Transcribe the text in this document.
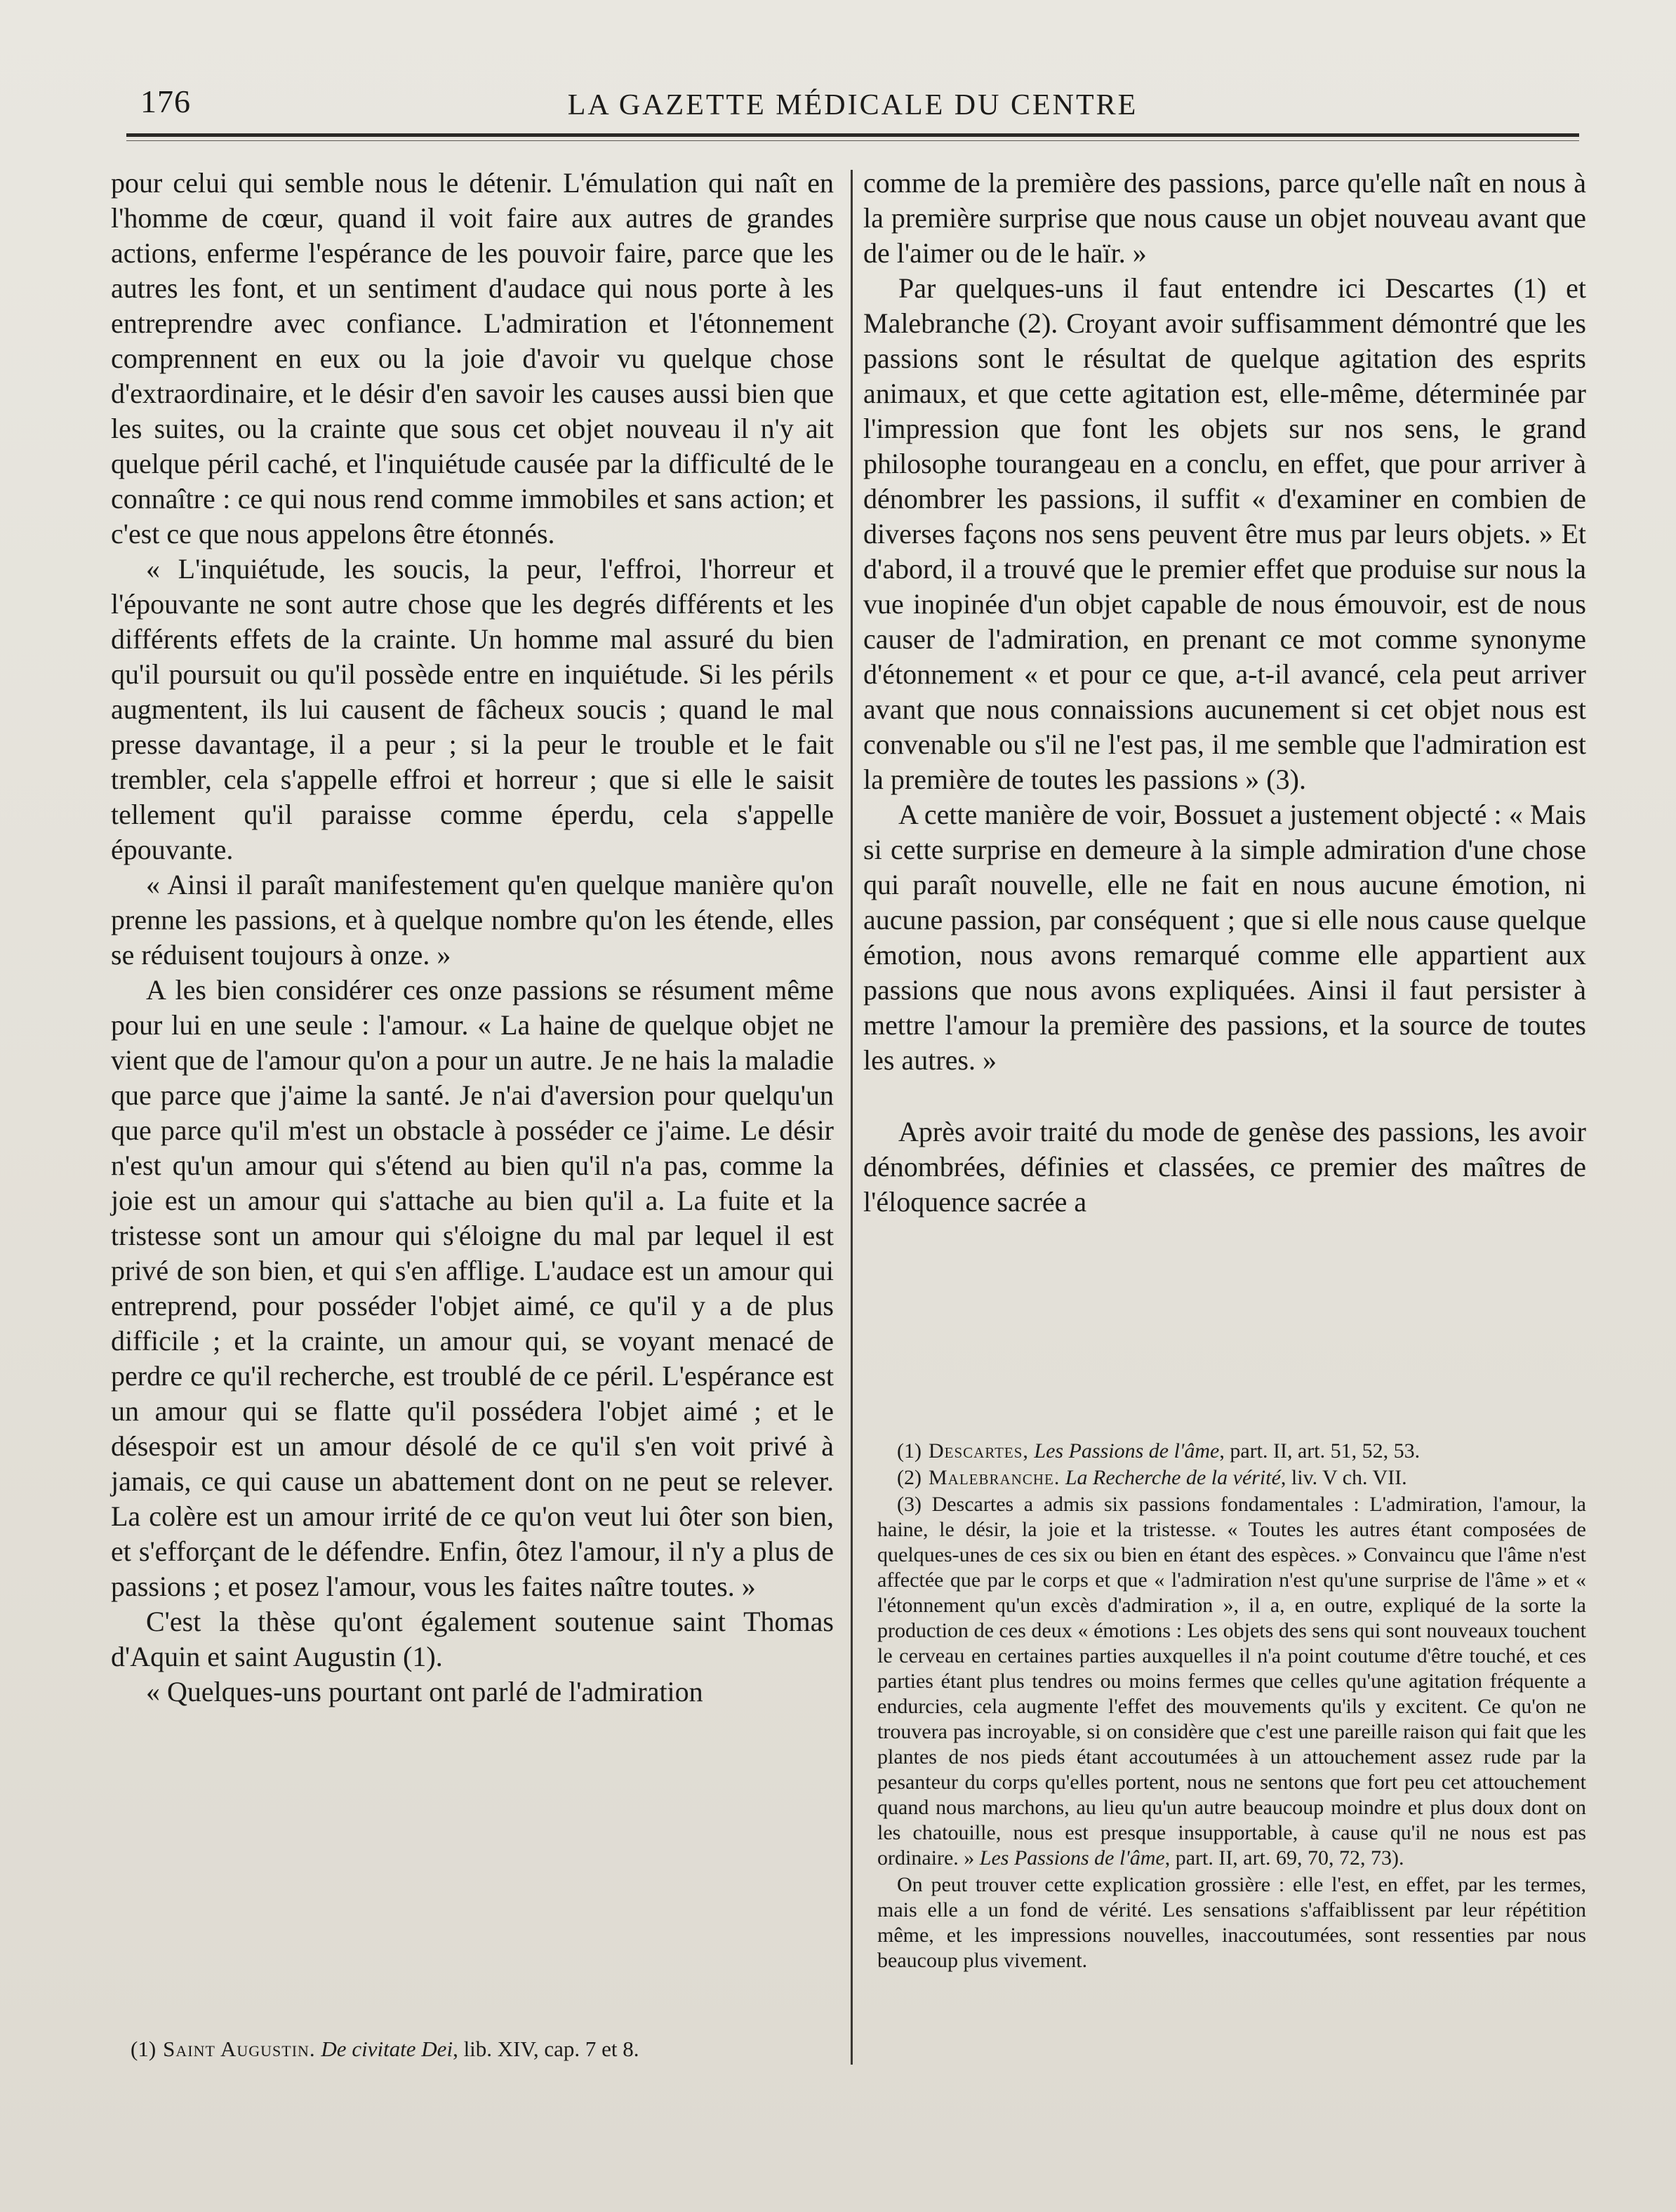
176	LA GAZETTE MÉDICALE DU CENTRE

pour celui qui semble nous le détenir. L'émulation qui naît en l'homme de cœur, quand il voit faire aux autres de grandes actions, enferme l'espérance de les pouvoir faire, parce que les autres les font, et un sentiment d'audace qui nous porte à les entreprendre avec confiance. L'admiration et l'étonnement comprennent en eux ou la joie d'avoir vu quelque chose d'extraordinaire, et le désir d'en savoir les causes aussi bien que les suites, ou la crainte que sous cet objet nouveau il n'y ait quelque péril caché, et l'inquiétude causée par la difficulté de le connaître : ce qui nous rend comme immobiles et sans action; et c'est ce que nous appelons être étonnés.

« L'inquiétude, les soucis, la peur, l'effroi, l'horreur et l'épouvante ne sont autre chose que les degrés différents et les différents effets de la crainte. Un homme mal assuré du bien qu'il poursuit ou qu'il possède entre en inquiétude. Si les périls augmentent, ils lui causent de fâcheux soucis ; quand le mal presse davantage, il a peur ; si la peur le trouble et le fait trembler, cela s'appelle effroi et horreur ; que si elle le saisit tellement qu'il paraisse comme éperdu, cela s'appelle épouvante.

« Ainsi il paraît manifestement qu'en quelque manière qu'on prenne les passions, et à quelque nombre qu'on les étende, elles se réduisent toujours à onze. »

A les bien considérer ces onze passions se résument même pour lui en une seule : l'amour. « La haine de quelque objet ne vient que de l'amour qu'on a pour un autre. Je ne hais la maladie que parce que j'aime la santé. Je n'ai d'aversion pour quelqu'un que parce qu'il m'est un obstacle à posséder ce j'aime. Le désir n'est qu'un amour qui s'étend au bien qu'il n'a pas, comme la joie est un amour qui s'attache au bien qu'il a. La fuite et la tristesse sont un amour qui s'éloigne du mal par lequel il est privé de son bien, et qui s'en afflige. L'audace est un amour qui entreprend, pour posséder l'objet aimé, ce qu'il y a de plus difficile ; et la crainte, un amour qui, se voyant menacé de perdre ce qu'il recherche, est troublé de ce péril. L'espérance est un amour qui se flatte qu'il possédera l'objet aimé ; et le désespoir est un amour désolé de ce qu'il s'en voit privé à jamais, ce qui cause un abattement dont on ne peut se relever. La colère est un amour irrité de ce qu'on veut lui ôter son bien, et s'efforçant de le défendre. Enfin, ôtez l'amour, il n'y a plus de passions ; et posez l'amour, vous les faites naître toutes. »

C'est la thèse qu'ont également soutenue saint Thomas d'Aquin et saint Augustin (1).

« Quelques-uns pourtant ont parlé de l'admiration

comme de la première des passions, parce qu'elle naît en nous à la première surprise que nous cause un objet nouveau avant que de l'aimer ou de le haïr. »

Par quelques-uns il faut entendre ici Descartes (1) et Malebranche (2). Croyant avoir suffisamment démontré que les passions sont le résultat de quelque agitation des esprits animaux, et que cette agitation est, elle-même, déterminée par l'impression que font les objets sur nos sens, le grand philosophe tourangeau en a conclu, en effet, que pour arriver à dénombrer les passions, il suffit « d'examiner en combien de diverses façons nos sens peuvent être mus par leurs objets. » Et d'abord, il a trouvé que le premier effet que produise sur nous la vue inopinée d'un objet capable de nous émouvoir, est de nous causer de l'admiration, en prenant ce mot comme synonyme d'étonnement « et pour ce que, a-t-il avancé, cela peut arriver avant que nous connaissions aucunement si cet objet nous est convenable ou s'il ne l'est pas, il me semble que l'admiration est la première de toutes les passions » (3).

A cette manière de voir, Bossuet a justement objecté : « Mais si cette surprise en demeure à la simple admiration d'une chose qui paraît nouvelle, elle ne fait en nous aucune émotion, ni aucune passion, par conséquent ; que si elle nous cause quelque émotion, nous avons remarqué comme elle appartient aux passions que nous avons expliquées. Ainsi il faut persister à mettre l'amour la première des passions, et la source de toutes les autres. »

Après avoir traité du mode de genèse des passions, les avoir dénombrées, définies et classées, ce premier des maîtres de l'éloquence sacrée a

(1) Descartes, Les Passions de l'âme, part. II, art. 51, 52, 53.

(2) Malebranche. La Recherche de la vérité, liv. V ch. VII.

(3) Descartes a admis six passions fondamentales : L'admiration, l'amour, la haine, le désir, la joie et la tristesse. « Toutes les autres étant composées de quelques-unes de ces six ou bien en étant des espèces. » Convaincu que l'âme n'est affectée que par le corps et que « l'admiration n'est qu'une surprise de l'âme » et « l'étonnement qu'un excès d'admiration », il a, en outre, expliqué de la sorte la production de ces deux « émotions : Les objets des sens qui sont nouveaux touchent le cerveau en certaines parties auxquelles il n'a point coutume d'être touché, et ces parties étant plus tendres ou moins fermes que celles qu'une agitation fréquente a endurcies, cela augmente l'effet des mouvements qu'ils y excitent. Ce qu'on ne trouvera pas incroyable, si on considère que c'est une pareille raison qui fait que les plantes de nos pieds étant accoutumées à un attouchement assez rude par la pesanteur du corps qu'elles portent, nous ne sentons que fort peu cet attouchement quand nous marchons, au lieu qu'un autre beaucoup moindre et plus doux dont on les chatouille, nous est presque insupportable, à cause qu'il ne nous est pas ordinaire. » Les Passions de l'âme, part. II, art. 69, 70, 72, 73).

On peut trouver cette explication grossière : elle l'est, en effet, par les termes, mais elle a un fond de vérité. Les sensations s'affaiblissent par leur répétition même, et les impressions nouvelles, inaccoutumées, sont ressenties par nous beaucoup plus vivement.

(1) Saint Augustin. De civitate Dei, lib. XIV, cap. 7 et 8.
